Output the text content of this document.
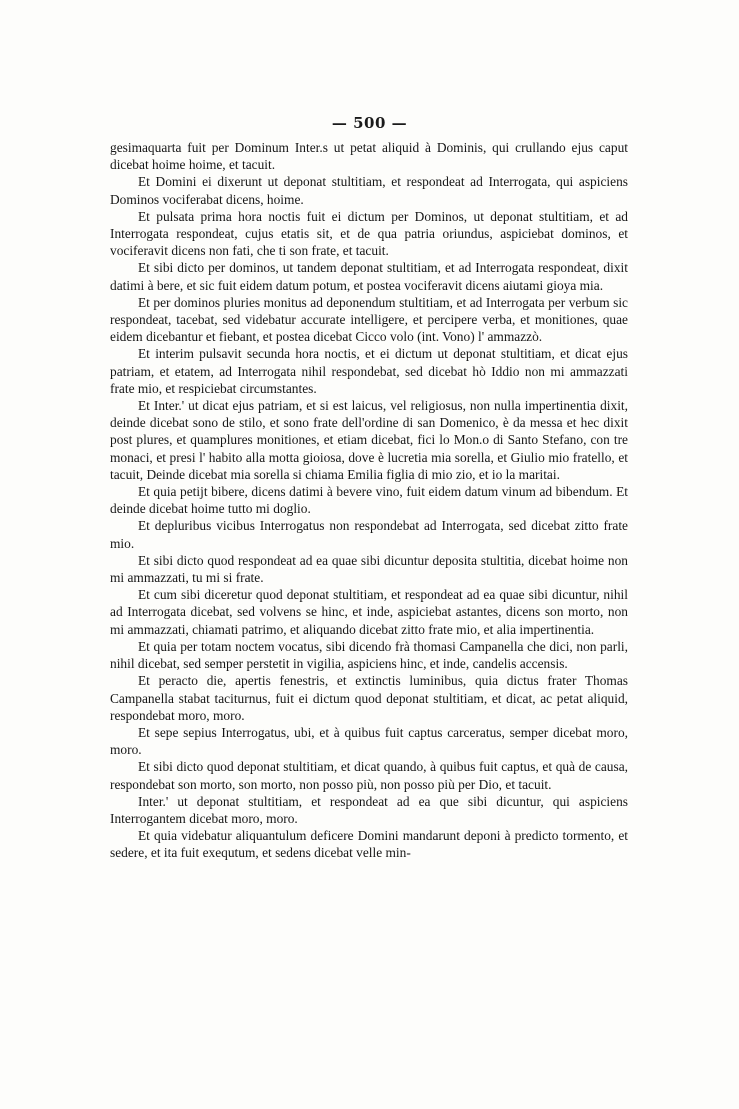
— 500 —

gesimaquarta fuit per Dominum Inter.s ut petat aliquid à Dominis, qui crullando ejus caput dicebat hoime hoime, et tacuit.

Et Domini ei dixerunt ut deponat stultitiam, et respondeat ad Interrogata, qui aspiciens Dominos vociferabat dicens, hoime.

Et pulsata prima hora noctis fuit ei dictum per Dominos, ut deponat stultitiam, et ad Interrogata respondeat, cujus etatis sit, et de qua patria oriundus, aspiciebat dominos, et vociferavit dicens non fati, che ti son frate, et tacuit.

Et sibi dicto per dominos, ut tandem deponat stultitiam, et ad Interrogata respondeat, dixit datimi à bere, et sic fuit eidem datum potum, et postea vociferavit dicens aiutami gioya mia.

Et per dominos pluries monitus ad deponendum stultitiam, et ad Interrogata per verbum sic respondeat, tacebat, sed videbatur accurate intelligere, et percipere verba, et monitiones, quae eidem dicebantur et fiebant, et postea dicebat Cicco volo (int. Vono) l' ammazzò.

Et interim pulsavit secunda hora noctis, et ei dictum ut deponat stultitiam, et dicat ejus patriam, et etatem, ad Interrogata nihil respondebat, sed dicebat hò Iddio non mi ammazzati frate mio, et respiciebat circumstantes.

Et Inter.' ut dicat ejus patriam, et si est laicus, vel religiosus, non nulla impertinentia dixit, deinde dicebat sono de stilo, et sono frate dell'ordine di san Domenico, è da messa et hec dixit post plures, et quamplures monitiones, et etiam dicebat, fici lo Mon.o di Santo Stefano, con tre monaci, et presi l' habito alla motta gioiosa, dove è lucretia mia sorella, et Giulio mio fratello, et tacuit, Deinde dicebat mia sorella si chiama Emilia figlia di mio zio, et io la maritai.

Et quia petijt bibere, dicens datimi à bevere vino, fuit eidem datum vinum ad bibendum. Et deinde dicebat hoime tutto mi doglio.

Et depluribus vicibus Interrogatus non respondebat ad Interrogata, sed dicebat zitto frate mio.

Et sibi dicto quod respondeat ad ea quae sibi dicuntur deposita stultitia, dicebat hoime non mi ammazzati, tu mi si frate.

Et cum sibi diceretur quod deponat stultitiam, et respondeat ad ea quae sibi dicuntur, nihil ad Interrogata dicebat, sed volvens se hinc, et inde, aspiciebat astantes, dicens son morto, non mi ammazzati, chiamati patrimo, et aliquando dicebat zitto frate mio, et alia impertinentia.

Et quia per totam noctem vocatus, sibi dicendo frà thomasi Campanella che dici, non parli, nihil dicebat, sed semper perstetit in vigilia, aspiciens hinc, et inde, candelis accensis.

Et peracto die, apertis fenestris, et extinctis luminibus, quia dictus frater Thomas Campanella stabat taciturnus, fuit ei dictum quod deponat stultitiam, et dicat, ac petat aliquid, respondebat moro, moro.

Et sepe sepius Interrogatus, ubi, et à quibus fuit captus carceratus, semper dicebat moro, moro.

Et sibi dicto quod deponat stultitiam, et dicat quando, à quibus fuit captus, et quà de causa, respondebat son morto, son morto, non posso più, non posso più per Dio, et tacuit.

Inter.' ut deponat stultitiam, et respondeat ad ea que sibi dicuntur, qui aspiciens Interrogantem dicebat moro, moro.

Et quia videbatur aliquantulum deficere Domini mandarunt deponi à predicto tormento, et sedere, et ita fuit exequtum, et sedens dicebat velle min-
